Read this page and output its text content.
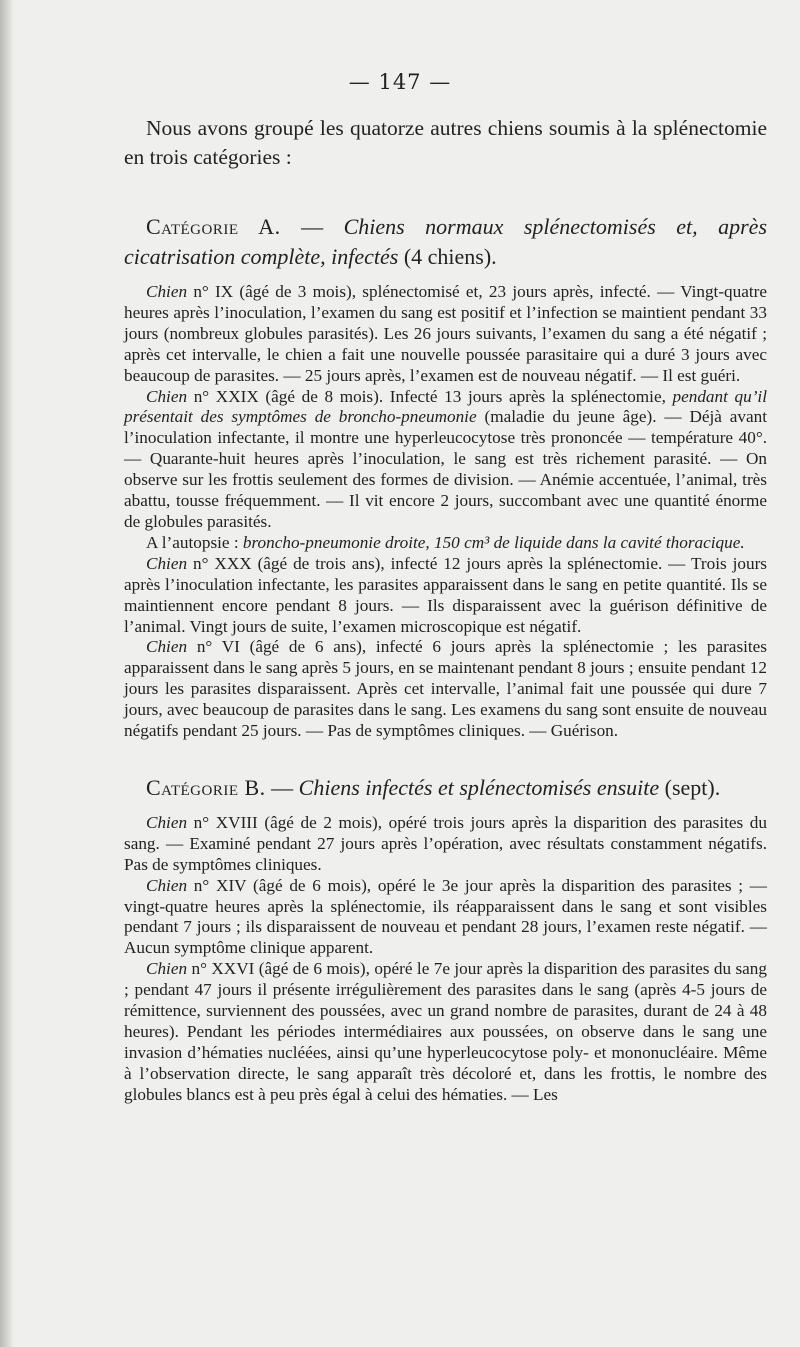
— 147 —

Nous avons groupé les quatorze autres chiens soumis à la splénectomie en trois catégories :

Catégorie A. — Chiens normaux splénectomisés et, après cicatrisation complète, infectés (4 chiens).

Chien n° IX (âgé de 3 mois), splénectomisé et, 23 jours après, infecté. — Vingt-quatre heures après l’inoculation, l’examen du sang est positif et l’infection se maintient pendant 33 jours (nombreux globules parasités). Les 26 jours suivants, l’examen du sang a été négatif ; après cet intervalle, le chien a fait une nouvelle poussée parasitaire qui a duré 3 jours avec beaucoup de parasites. — 25 jours après, l’examen est de nouveau négatif. — Il est guéri.

Chien n° XXIX (âgé de 8 mois). Infecté 13 jours après la splénectomie, pendant qu’il présentait des symptômes de broncho-pneumonie (maladie du jeune âge). — Déjà avant l’inoculation infectante, il montre une hyperleucocytose très prononcée — température 40°. — Quarante-huit heures après l’inoculation, le sang est très richement parasité. — On observe sur les frottis seulement des formes de division. — Anémie accentuée, l’animal, très abattu, tousse fréquemment. — Il vit encore 2 jours, succombant avec une quantité énorme de globules parasités.

A l’autopsie : broncho-pneumonie droite, 150 cm³ de liquide dans la cavité thoracique.

Chien n° XXX (âgé de trois ans), infecté 12 jours après la splénectomie. — Trois jours après l’inoculation infectante, les parasites apparaissent dans le sang en petite quantité. Ils se maintiennent encore pendant 8 jours. — Ils disparaissent avec la guérison définitive de l’animal. Vingt jours de suite, l’examen microscopique est négatif.

Chien n° VI (âgé de 6 ans), infecté 6 jours après la splénectomie ; les parasites apparaissent dans le sang après 5 jours, en se maintenant pendant 8 jours ; ensuite pendant 12 jours les parasites disparaissent. Après cet intervalle, l’animal fait une poussée qui dure 7 jours, avec beaucoup de parasites dans le sang. Les examens du sang sont ensuite de nouveau négatifs pendant 25 jours. — Pas de symptômes cliniques. — Guérison.

Catégorie B. — Chiens infectés et splénectomisés ensuite (sept).

Chien n° XVIII (âgé de 2 mois), opéré trois jours après la disparition des parasites du sang. — Examiné pendant 27 jours après l’opération, avec résultats constamment négatifs. Pas de symptômes cliniques.

Chien n° XIV (âgé de 6 mois), opéré le 3e jour après la disparition des parasites ; — vingt-quatre heures après la splénectomie, ils réapparaissent dans le sang et sont visibles pendant 7 jours ; ils disparaissent de nouveau et pendant 28 jours, l’examen reste négatif. — Aucun symptôme clinique apparent.

Chien n° XXVI (âgé de 6 mois), opéré le 7e jour après la disparition des parasites du sang ; pendant 47 jours il présente irrégulièrement des parasites dans le sang (après 4-5 jours de rémittence, surviennent des poussées, avec un grand nombre de parasites, durant de 24 à 48 heures). Pendant les périodes intermédiaires aux poussées, on observe dans le sang une invasion d’hématies nucléées, ainsi qu’une hyperleucocytose poly- et mononucléaire. Même à l’observation directe, le sang apparaît très décoloré et, dans les frottis, le nombre des globules blancs est à peu près égal à celui des hématies. — Les
